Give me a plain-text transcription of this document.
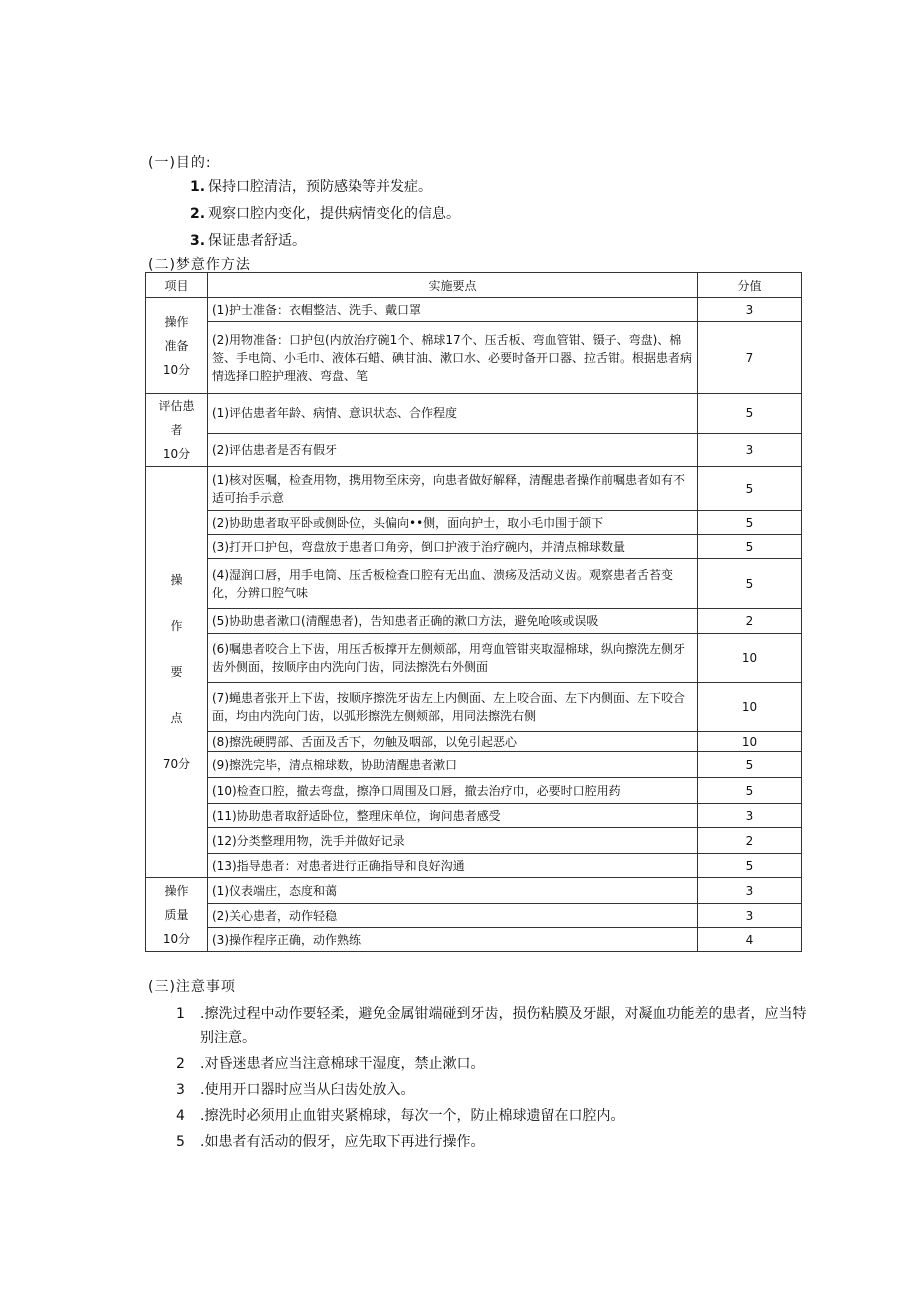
(一)目的:
1. 保持口腔清洁，预防感染等并发症。
2. 观察口腔内变化，提供病情变化的信息。
3. 保证患者舒适。
(二)梦意作方法
项目	实施要点	分值

操作
准备
10分	(1)护士准备：衣帽整洁、洗手、戴口罩	3
	(2)用物准备：口护包(内放治疗碗1个、棉球17个、压舌板、弯血管钳、镊子、弯盘)、棉签、手电筒、小毛巾、液体石蜡、碘甘油、漱口水、必要时备开口器、拉舌钳。根据患者病情选择口腔护理液、弯盘、笔	7

评估患
者
10分	(1)评估患者年龄、病情、意识状态、合作程度	5
	(2)评估患者是否有假牙	3

操
作
要
点
70分	(1)核对医嘱，检查用物，携用物至床旁，向患者做好解释，清醒患者操作前嘱患者如有不适可抬手示意	5
	(2)协助患者取平卧或侧卧位，头偏向••侧，面向护士，取小毛巾围于颌下	5
	(3)打开口护包，弯盘放于患者口角旁，倒口护液于治疗碗内，并清点棉球数量	5
	(4)湿润口唇，用手电筒、压舌板检查口腔有无出血、溃疡及活动义齿。观察患者舌苔变化，分辨口腔气味	5
	(5)协助患者漱口(清醒患者)，告知患者正确的漱口方法，避免呛咳或误吸	2
	(6)嘱患者咬合上下齿，用压舌板撑开左侧颊部，用弯血管钳夹取湿棉球，纵向擦洗左侧牙齿外侧面，按顺序由内洗向门齿，同法擦洗右外侧面	10
	(7)蝇患者张开上下齿，按顺序擦洗牙齿左上内侧面、左上咬合面、左下内侧面、左下咬合面，均由内洗向门齿，以弧形擦洗左侧颊部，用同法擦洗右侧	10
	(8)擦洗硬腭部、舌面及舌下，勿触及咽部，以免引起恶心	10
	(9)擦洗完毕，清点棉球数，协助清醒患者漱口	5
	(10)检查口腔，撤去弯盘，擦净口周围及口唇，撤去治疗巾，必要时口腔用药	5
	(11)协助患者取舒适卧位，整理床单位，询问患者感受	3
	(12)分类整理用物，洗手并做好记录	2
	(13)指导患者：对患者进行正确指导和良好沟通	5

操作
质量
10分	(1)仪表端庄，态度和蔼	3
	(2)关心患者，动作轻稳	3
	(3)操作程序正确，动作熟练	4
(三)注意事项
1 .擦洗过程中动作要轻柔，避免金属钳端碰到牙齿，损伤粘膜及牙龈，对凝血功能差的患者，应当特别注意。
2 .对昏迷患者应当注意棉球干湿度，禁止漱口。
3 .使用开口器时应当从臼齿处放入。
4 .擦洗时必须用止血钳夹紧棉球，每次一个，防止棉球遗留在口腔内。
5 .如患者有活动的假牙，应先取下再进行操作。
